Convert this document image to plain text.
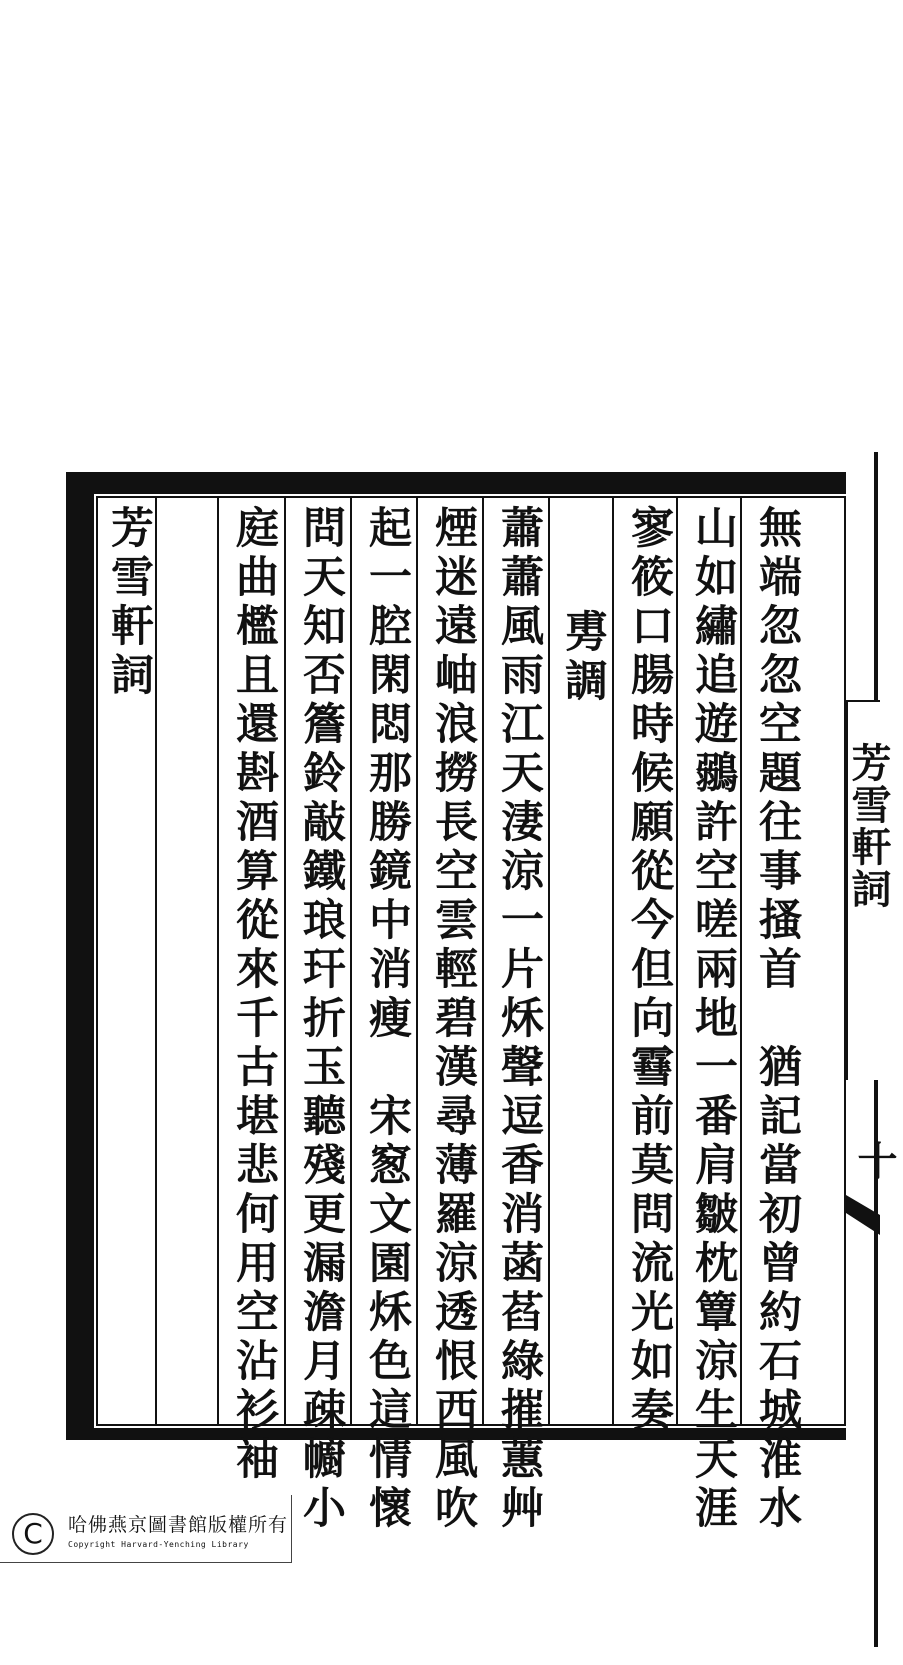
無端忽忽空題往事搔首　猶記當初曾約石城淮水
山如繡追遊鶸許空嗟兩地一番肩皺枕簟涼生天涯
寥筱口腸時候願從今但向䨮前莫問流光如奏
　旉調
蕭蕭風雨江天淒涼一片秌聲逗香消菡萏綠摧蕙艸
煙迷遠岫浪撈長空雲輕碧漢尋薄羅涼透恨西風吹
起一腔閑悶那勝鏡中消瘦　宋䆫文園秌色這情懷
問天知否簷鈴敲鐵琅玕折玉聽殘更漏澹月疎幮小
庭曲檻且還斟酒算從來千古堪悲何用空沾衫袖
芳雪軒詞
芳雪軒詞
十
C	哈佛燕京圖書館版權所有
Copyright Harvard-Yenching Library
